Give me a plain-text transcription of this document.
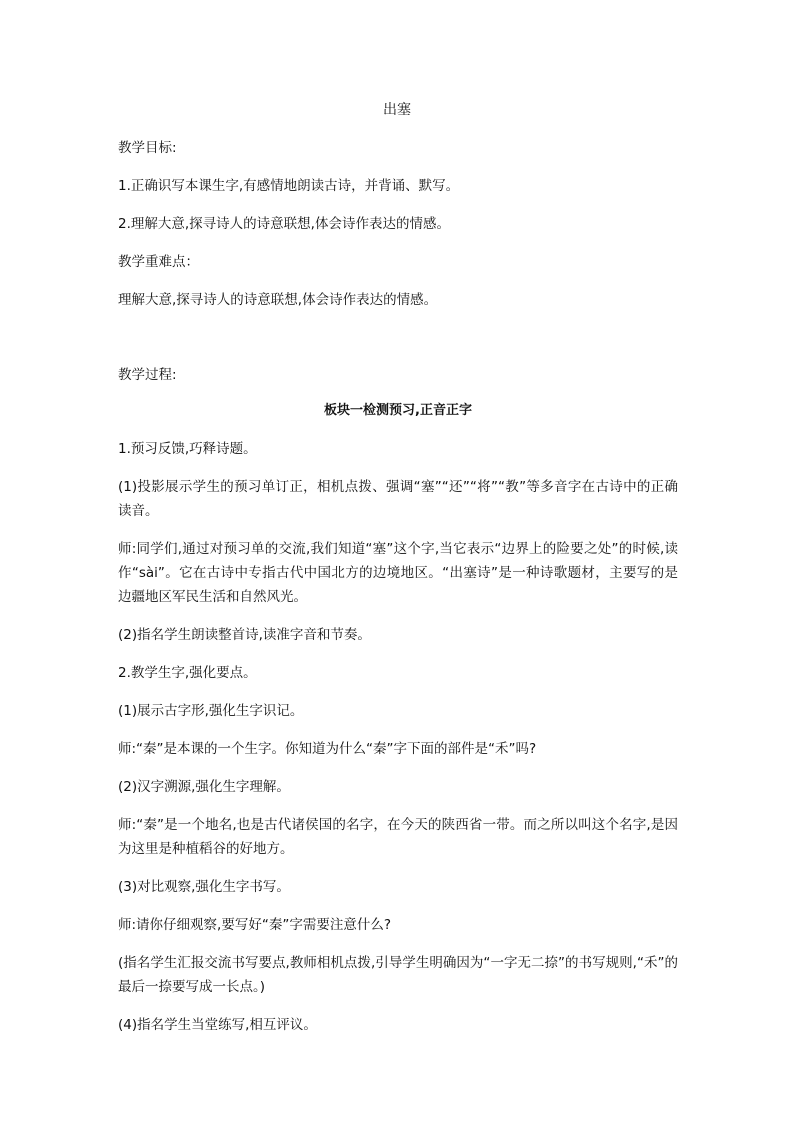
出塞

教学目标:

1.正确识写本课生字,有感情地朗读古诗，并背诵、默写。

2.理解大意,探寻诗人的诗意联想,体会诗作表达的情感。

教学重难点：

理解大意,探寻诗人的诗意联想,体会诗作表达的情感。

教学过程:

板块一检测预习,正音正字

1.预习反馈,巧释诗题。

(1)投影展示学生的预习单订正，相机点拨、强调“塞”“还”“将”“教”等多音字在古诗中的正确读音。

师:同学们,通过对预习单的交流,我们知道“塞”这个字,当它表示“边界上的险要之处”的时候,读作“sài”。它在古诗中专指古代中国北方的边境地区。“出塞诗”是一种诗歌题材，主要写的是边疆地区军民生活和自然风光。

(2)指名学生朗读整首诗,读准字音和节奏。

2.教学生字,强化要点。

(1)展示古字形,强化生字识记。

师:“秦”是本课的一个生字。你知道为什么“秦”字下面的部件是“禾”吗?

(2)汉字溯源,强化生字理解。

师:“秦”是一个地名,也是古代诸侯国的名字，在今天的陕西省一带。而之所以叫这个名字,是因为这里是种植稻谷的好地方。

(3)对比观察,强化生字书写。

师:请你仔细观察,要写好“秦”字需要注意什么?

(指名学生汇报交流书写要点,教师相机点拨,引导学生明确因为“一字无二捺”的书写规则,“禾”的最后一捺要写成一长点。)

(4)指名学生当堂练写,相互评议。
